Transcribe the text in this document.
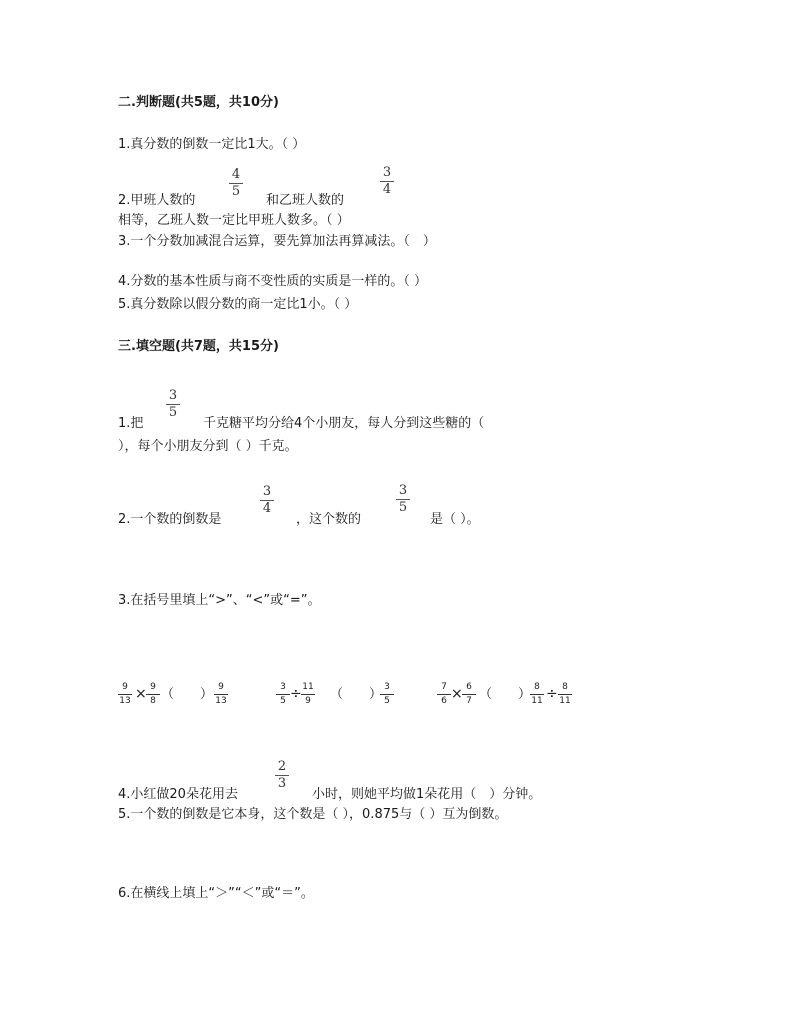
二.判断题(共5题，共10分)
1.真分数的倒数一定比1大。（ ）
4
5
3
4
2.甲班人数的	和乙班人数的
相等，乙班人数一定比甲班人数多。（ ）
3.一个分数加减混合运算，要先算加法再算减法。（　）
4.分数的基本性质与商不变性质的实质是一样的。（ ）
5.真分数除以假分数的商一定比1小。（ ）
三.填空题(共7题，共15分)
3
5
1.把	千克糖平均分给4个小朋友，每人分到这些糖的（
），每个小朋友分到（ ）千克。
3
4
3
5
2.一个数的倒数是	，这个数的	是（ ）。
3.在括号里填上“>”、“<”或“=”。
9
13 × 9
8 （　　） 9
13
3
5 ÷ 11
9	（　　） 3
5
7
6 × 6
7 （　　） 8
11 ÷ 8
11
2
3
4.小红做20朵花用去	小时，则她平均做1朵花用（　）分钟。
5.一个数的倒数是它本身，这个数是（ ），0.875与（ ）互为倒数。
6.在横线上填上“＞”“＜”或“＝”。
